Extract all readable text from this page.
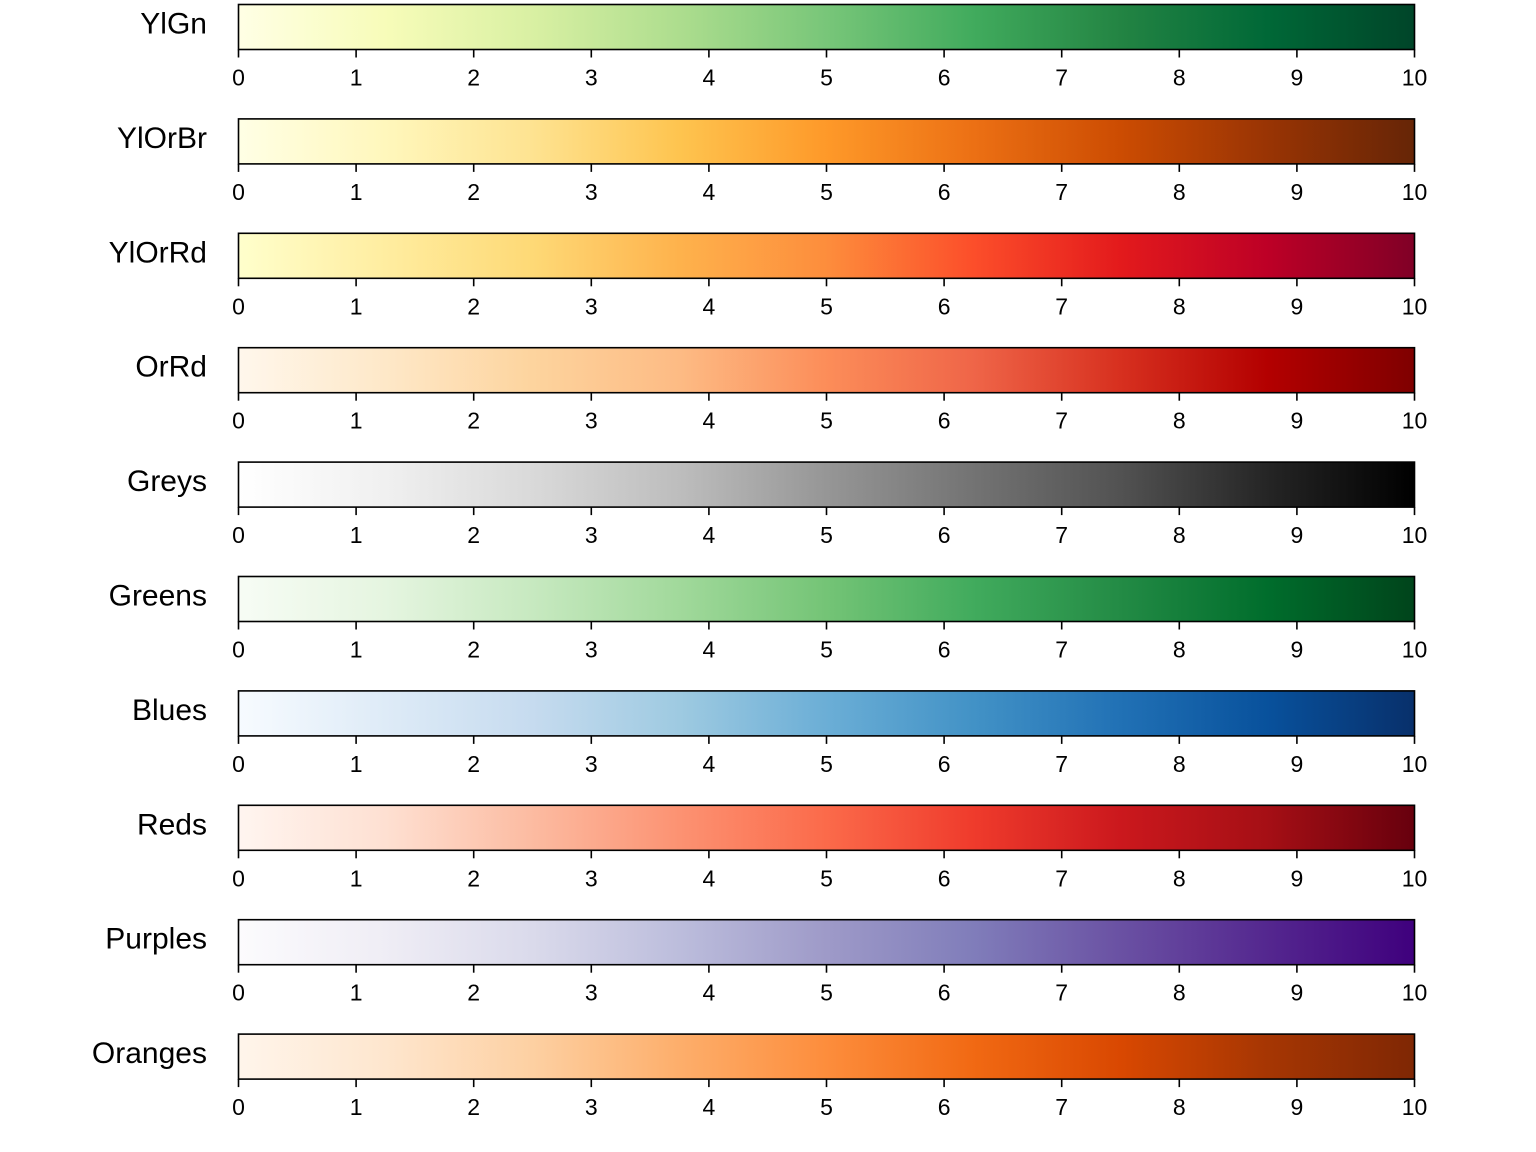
YlGn
0	1	2	3	4	5	6	7	8	9	10
YlOrBr
0	1	2	3	4	5	6	7	8	9	10
YlOrRd
0	1	2	3	4	5	6	7	8	9	10
OrRd
0	1	2	3	4	5	6	7	8	9	10
Greys
0	1	2	3	4	5	6	7	8	9	10
Greens
0	1	2	3	4	5	6	7	8	9	10
Blues
0	1	2	3	4	5	6	7	8	9	10
Reds
0	1	2	3	4	5	6	7	8	9	10
Purples
0	1	2	3	4	5	6	7	8	9	10
Oranges
0	1	2	3	4	5	6	7	8	9	10
